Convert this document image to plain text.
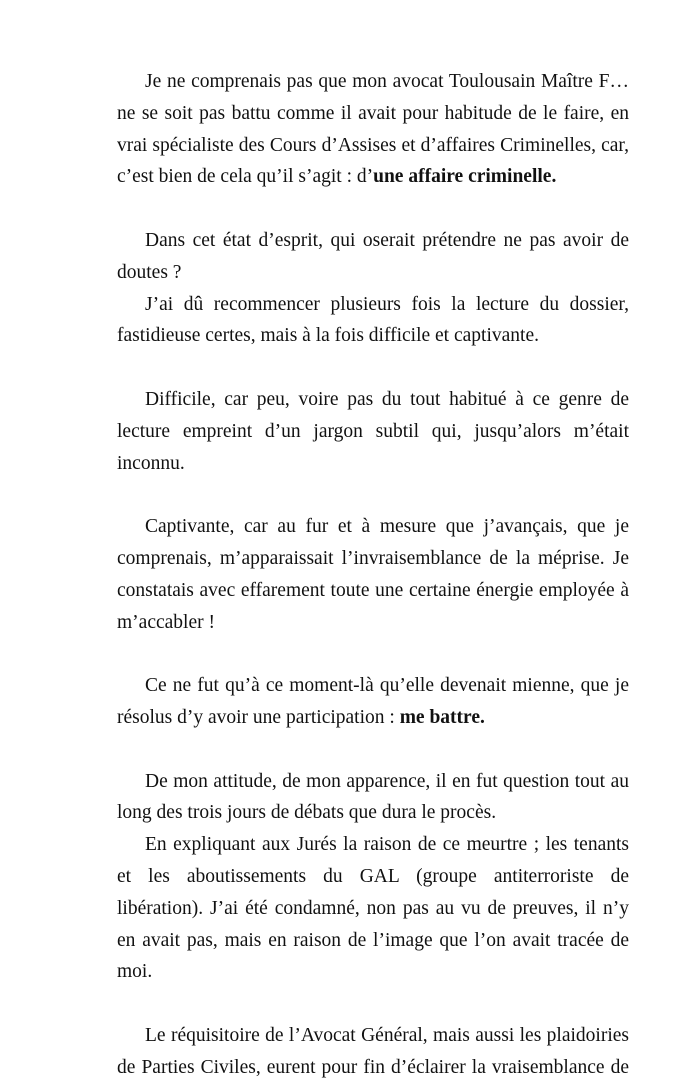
Je ne comprenais pas que mon avocat Toulousain Maître F… ne se soit pas battu comme il avait pour habitude de le faire, en vrai spécialiste des Cours d’Assises et d’affaires Criminelles, car, c’est bien de cela qu’il s’agit : d’une affaire criminelle.

Dans cet état d’esprit, qui oserait prétendre ne pas avoir de doutes ?

J’ai dû recommencer plusieurs fois la lecture du dossier, fastidieuse certes, mais à la fois difficile et captivante.

Difficile, car peu, voire pas du tout habitué à ce genre de lecture empreint d’un jargon subtil qui, jusqu’alors m’était inconnu.

Captivante, car au fur et à mesure que j’avançais, que je comprenais, m’apparaissait l’invraisemblance de la méprise. Je constatais avec effarement toute une certaine énergie employée à m’accabler !

Ce ne fut qu’à ce moment-là qu’elle devenait mienne, que je résolus d’y avoir une participation : me battre.

De mon attitude, de mon apparence, il en fut question tout au long des trois jours de débats que dura le procès.

En expliquant aux Jurés la raison de ce meurtre ; les tenants et les aboutissements du GAL (groupe antiterroriste de libération). J’ai été condamné, non pas au vu de preuves, il n’y en avait pas, mais en raison de l’image que l’on avait tracée de moi.

Le réquisitoire de l’Avocat Général, mais aussi les plaidoiries de Parties Civiles, eurent pour fin d’éclairer la vraisemblance de
